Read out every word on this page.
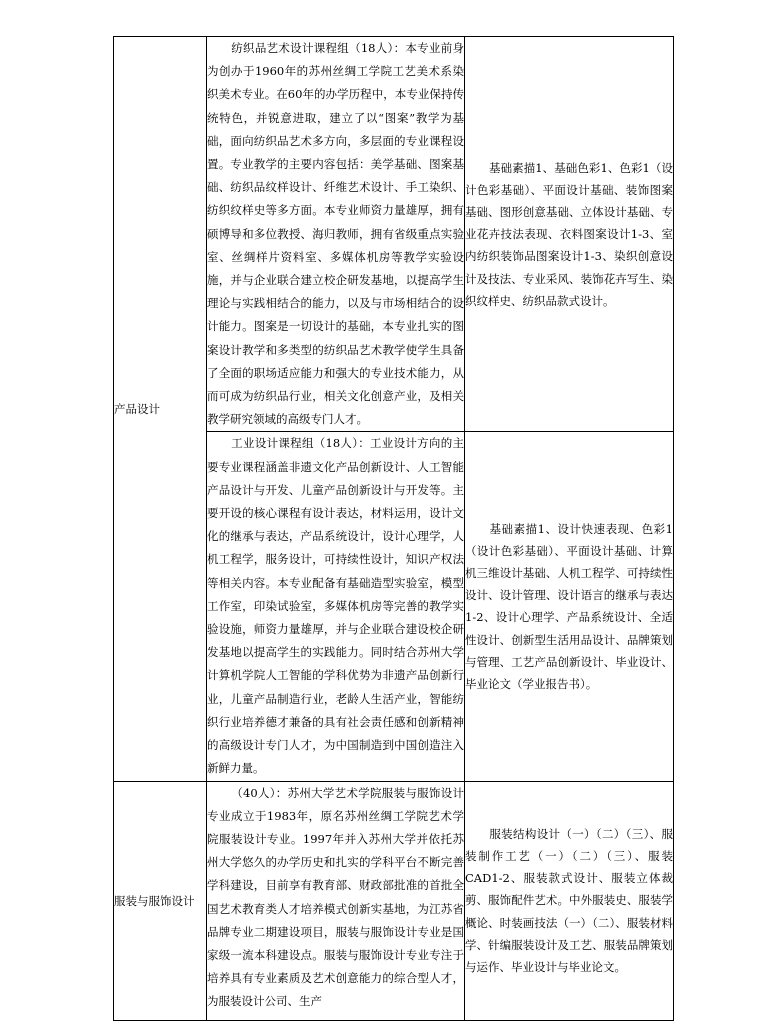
产品设计	纺织品艺术设计课程组（18人）：本专业前身为创办于1960年的苏州丝绸工学院工艺美术系染织美术专业。在60年的办学历程中，本专业保持传统特色，并锐意进取，建立了以“图案”教学为基础，面向纺织品艺术多方向，多层面的专业课程设置。专业教学的主要内容包括：美学基础、图案基础、纺织品纹样设计、纤维艺术设计、手工染织、纺织纹样史等多方面。本专业师资力量雄厚，拥有硕博导和多位教授、海归教师，拥有省级重点实验室、丝绸样片资料室、多媒体机房等教学实验设施，并与企业联合建立校企研发基地，以提高学生理论与实践相结合的能力，以及与市场相结合的设计能力。图案是一切设计的基础，本专业扎实的图案设计教学和多类型的纺织品艺术教学使学生具备了全面的职场适应能力和强大的专业技术能力，从而可成为纺织品行业，相关文化创意产业，及相关教学研究领域的高级专门人才。	基础素描1、基础色彩1、色彩1（设计色彩基础）、平面设计基础、装饰图案基础、图形创意基础、立体设计基础、专业花卉技法表现、衣料图案设计1-3、室内纺织装饰品图案设计1-3、染织创意设计及技法、专业采风、装饰花卉写生、染织纹样史、纺织品款式设计。
	工业设计课程组（18人）：工业设计方向的主要专业课程涵盖非遗文化产品创新设计、人工智能产品设计与开发、儿童产品创新设计与开发等。主要开设的核心课程有设计表达，材料运用，设计文化的继承与表达，产品系统设计，设计心理学，人机工程学，服务设计，可持续性设计，知识产权法等相关内容。本专业配备有基础造型实验室，模型工作室，印染试验室，多媒体机房等完善的教学实验设施，师资力量雄厚，并与企业联合建设校企研发基地以提高学生的实践能力。同时结合苏州大学计算机学院人工智能的学科优势为非遗产品创新行业，儿童产品制造行业，老龄人生活产业，智能纺织行业培养德才兼备的具有社会责任感和创新精神的高级设计专门人才，为中国制造到中国创造注入新鲜力量。	基础素描1、设计快速表现、色彩1（设计色彩基础）、平面设计基础、计算机三维设计基础、人机工程学、可持续性设计、设计管理、设计语言的继承与表达1-2、设计心理学、产品系统设计、全适性设计、创新型生活用品设计、品牌策划与管理、工艺产品创新设计、毕业设计、毕业论文（学业报告书）。
服装与服饰设计	（40人）：苏州大学艺术学院服装与服饰设计专业成立于1983年，原名苏州丝绸工学院艺术学院服装设计专业。1997年并入苏州大学并依托苏州大学悠久的办学历史和扎实的学科平台不断完善学科建设，目前享有教育部、财政部批准的首批全国艺术教育类人才培养模式创新实基地，为江苏省品牌专业二期建设项目，服装与服饰设计专业是国家级一流本科建设点。服装与服饰设计专业专注于培养具有专业素质及艺术创意能力的综合型人才，为服装设计公司、生产	服装结构设计（一）（二）（三）、服装制作工艺（一）（二）（三）、服装CAD1-2、服装款式设计、服装立体裁剪、服饰配件艺术。中外服装史、服装学概论、时装画技法（一）（二）、服装材料学、针编服装设计及工艺、服装品牌策划与运作、毕业设计与毕业论文。
